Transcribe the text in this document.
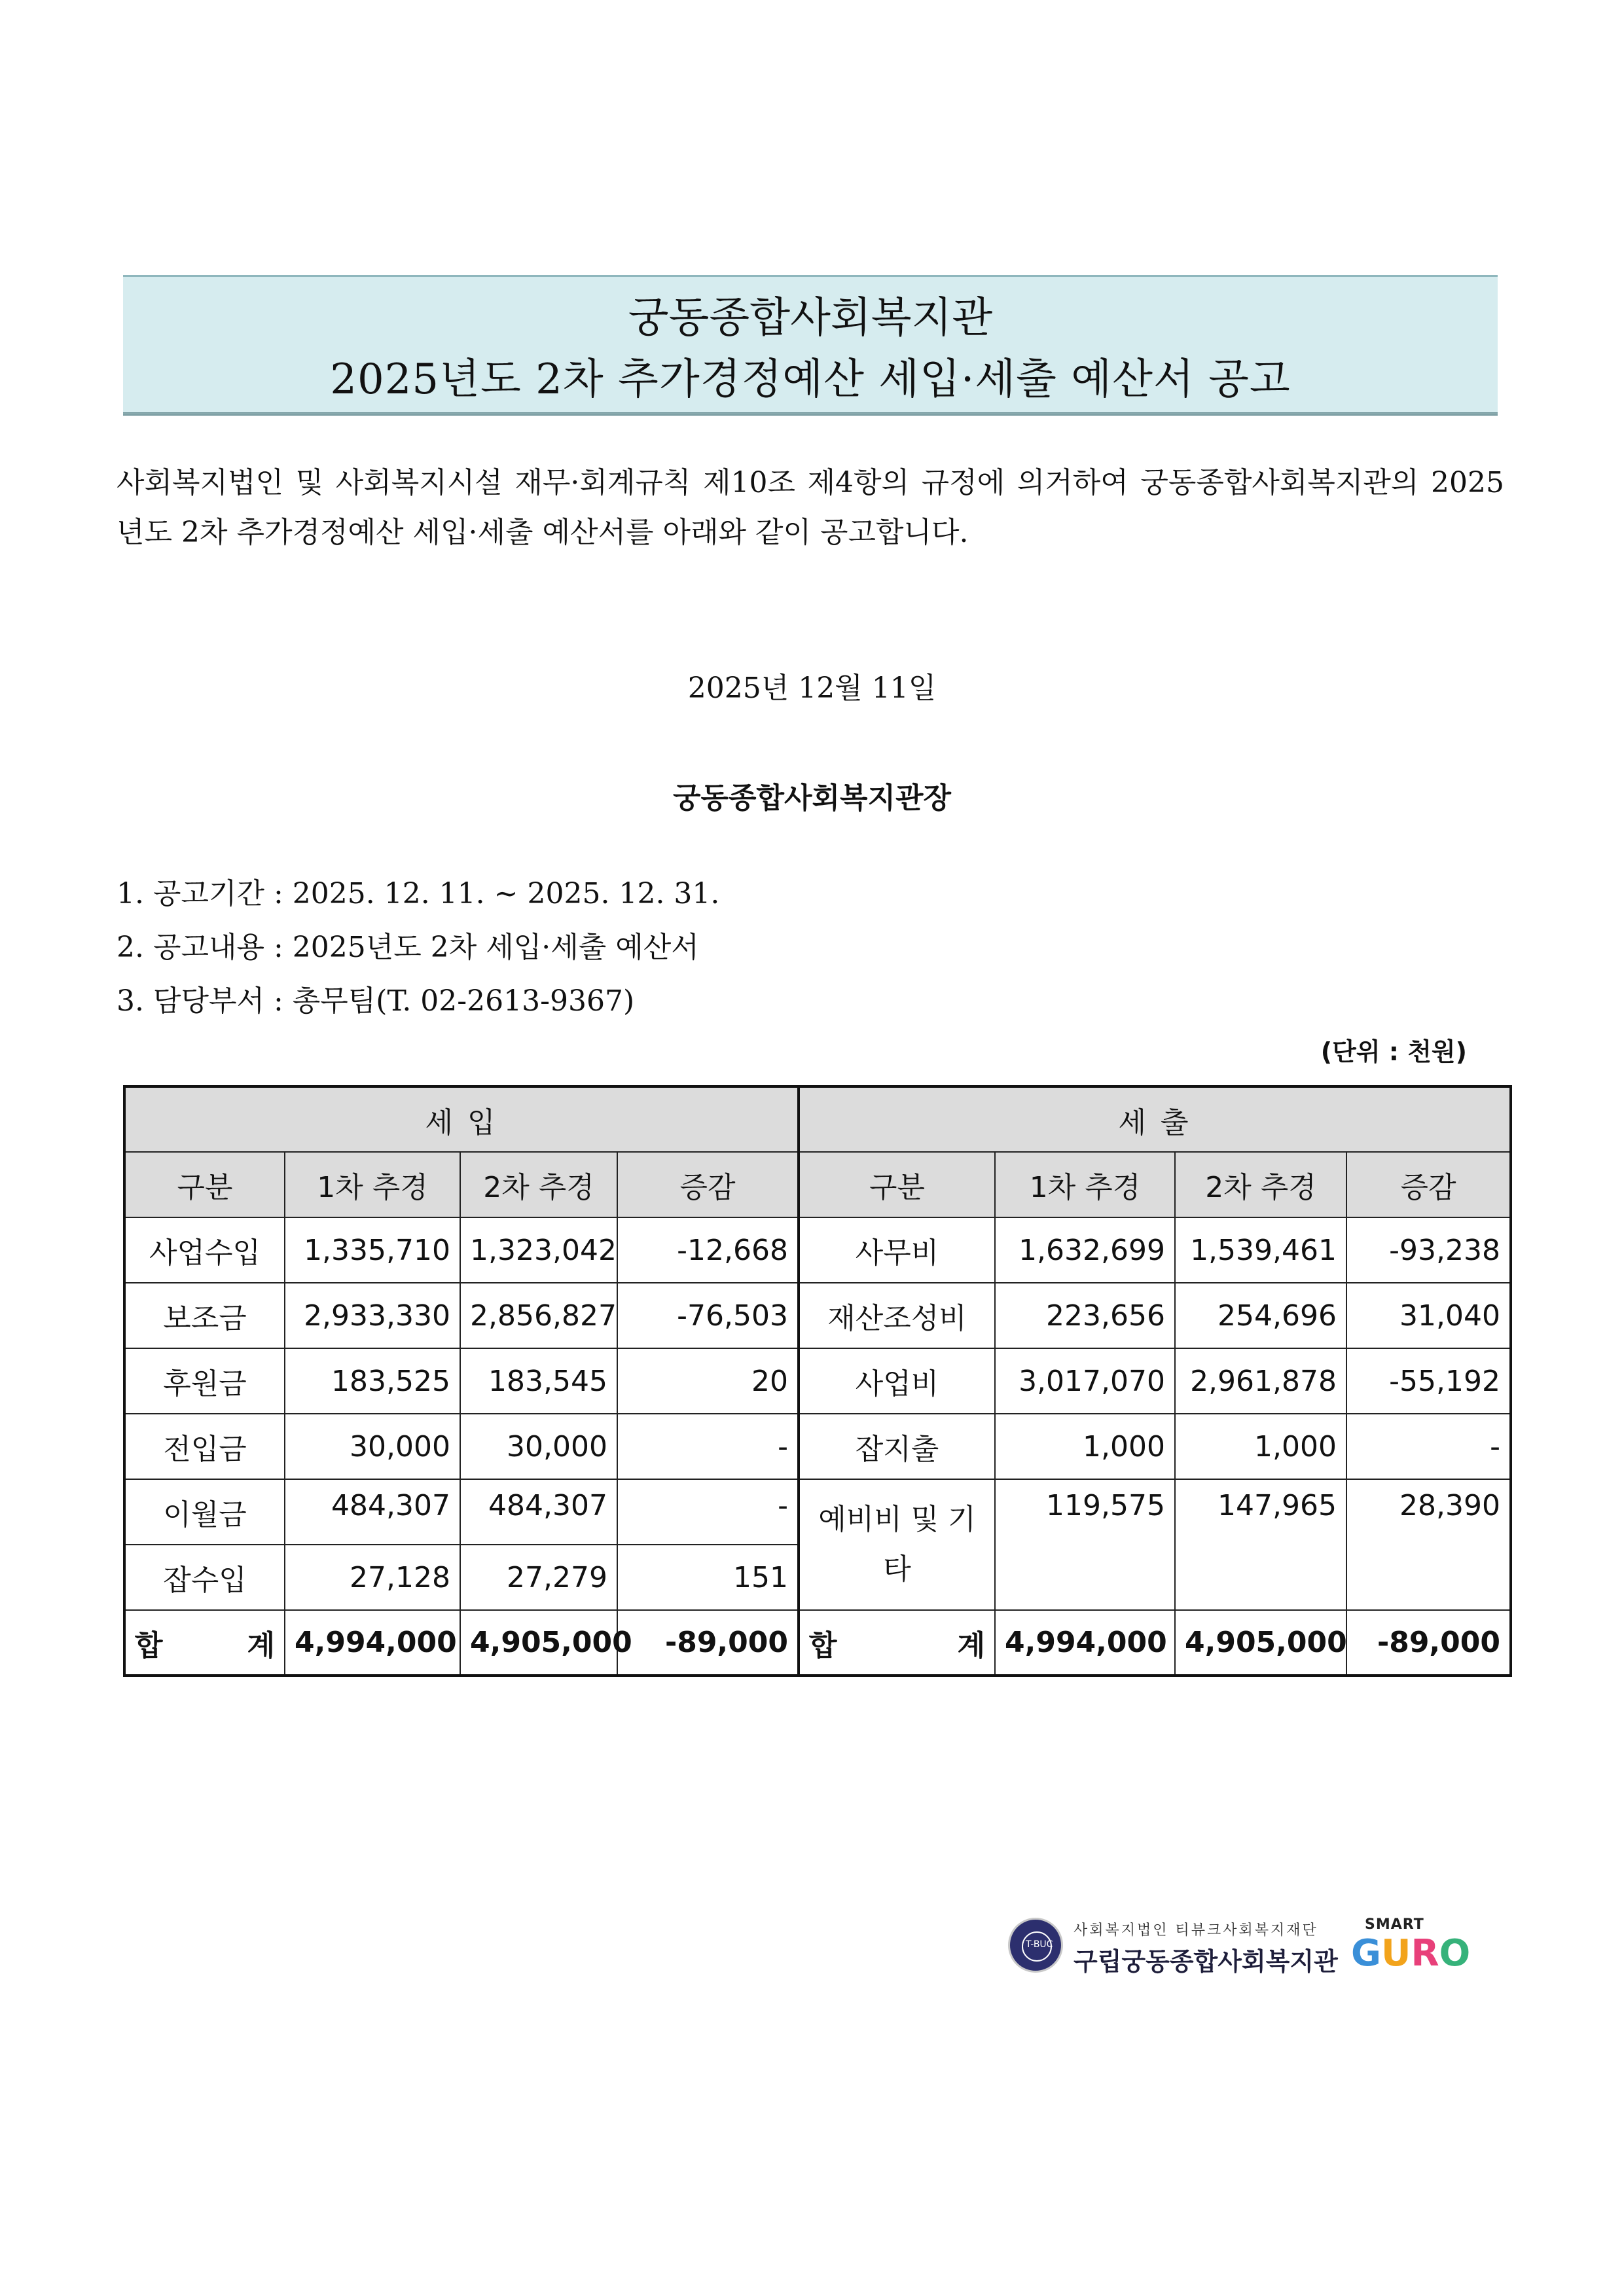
궁동종합사회복지관
2025년도 2차 추가경정예산 세입·세출 예산서 공고
사회복지법인 및 사회복지시설 재무·회계규칙 제10조 제4항의 규정에 의거하여 궁동종합사회복지관의 2025년도 2차 추가경정예산 세입·세출 예산서를 아래와 같이 공고합니다.
2025년 12월 11일
궁동종합사회복지관장
1. 공고기간 : 2025. 12. 11. ~ 2025. 12. 31.
2. 공고내용 : 2025년도 2차 세입·세출 예산서
3. 담당부서 : 총무팀(T. 02-2613-9367)
(단위 : 천원)
세 입				세 출			
구분	1차 추경	2차 추경	증감	구분	1차 추경	2차 추경	증감
사업수입	1,335,710	1,323,042	-12,668	사무비	1,632,699	1,539,461	-93,238
보조금	2,933,330	2,856,827	-76,503	재산조성비	223,656	254,696	31,040
후원금	183,525	183,545	20	사업비	3,017,070	2,961,878	-55,192
전입금	30,000	30,000	-	잡지출	1,000	1,000	-
이월금	484,307	484,307	-	예비비 및 기타	119,575	147,965	28,390
잡수입	27,128	27,279	151				
합 계	4,994,000	4,905,000	-89,000	합 계	4,994,000	4,905,000	-89,000
T-BUC
사회복지법인 티뷰크사회복지재단
구립궁동종합사회복지관
SMART
GURO
